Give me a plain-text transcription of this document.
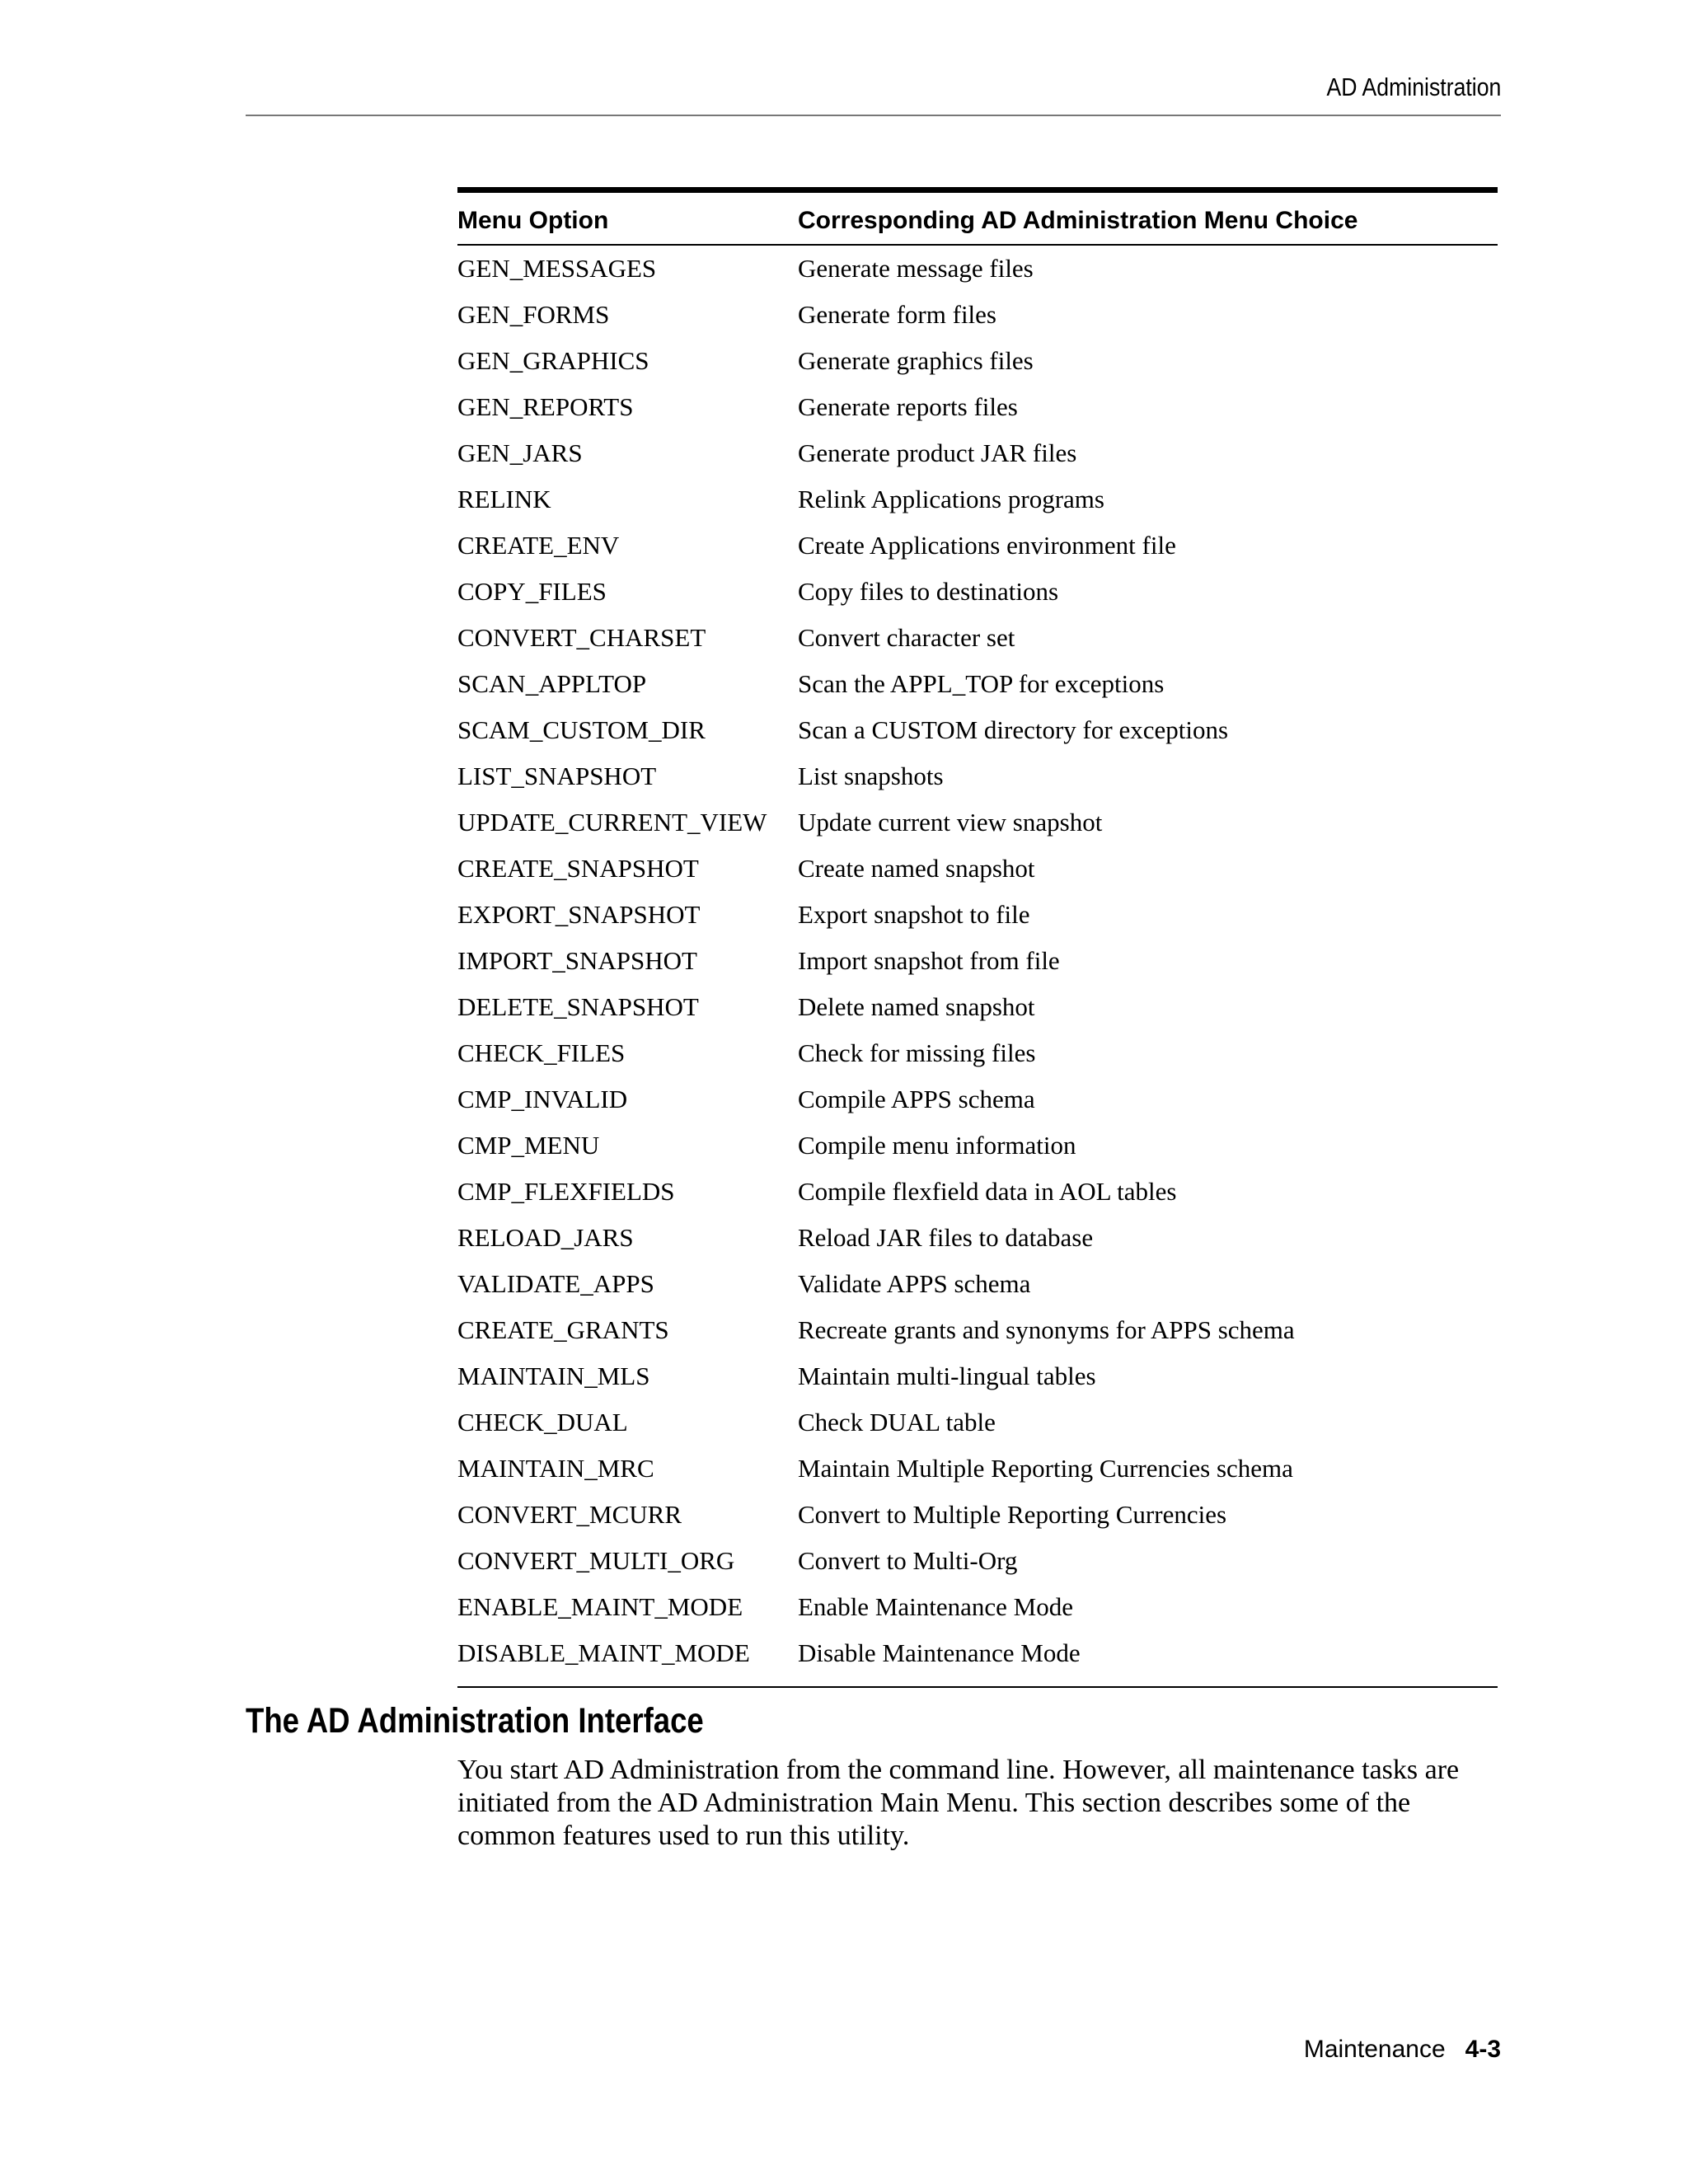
AD Administration
Menu Option	Corresponding AD Administration Menu Choice
GEN_MESSAGES	Generate message files
GEN_FORMS	Generate form files
GEN_GRAPHICS	Generate graphics files
GEN_REPORTS	Generate reports files
GEN_JARS	Generate product JAR files
RELINK	Relink Applications programs
CREATE_ENV	Create Applications environment file
COPY_FILES	Copy files to destinations
CONVERT_CHARSET	Convert character set
SCAN_APPLTOP	Scan the APPL_TOP for exceptions
SCAM_CUSTOM_DIR	Scan a CUSTOM directory for exceptions
LIST_SNAPSHOT	List snapshots
UPDATE_CURRENT_VIEW	Update current view snapshot
CREATE_SNAPSHOT	Create named snapshot
EXPORT_SNAPSHOT	Export snapshot to file
IMPORT_SNAPSHOT	Import snapshot from file
DELETE_SNAPSHOT	Delete named snapshot
CHECK_FILES	Check for missing files
CMP_INVALID	Compile APPS schema
CMP_MENU	Compile menu information
CMP_FLEXFIELDS	Compile flexfield data in AOL tables
RELOAD_JARS	Reload JAR files to database
VALIDATE_APPS	Validate APPS schema
CREATE_GRANTS	Recreate grants and synonyms for APPS schema
MAINTAIN_MLS	Maintain multi-lingual tables
CHECK_DUAL	Check DUAL table
MAINTAIN_MRC	Maintain Multiple Reporting Currencies schema
CONVERT_MCURR	Convert to Multiple Reporting Currencies
CONVERT_MULTI_ORG	Convert to Multi-Org
ENABLE_MAINT_MODE	Enable Maintenance Mode
DISABLE_MAINT_MODE	Disable Maintenance Mode

The AD Administration Interface

You start AD Administration from the command line. However, all maintenance tasks are initiated from the AD Administration Main Menu. This section describes some of the common features used to run this utility.

Maintenance 4-3
